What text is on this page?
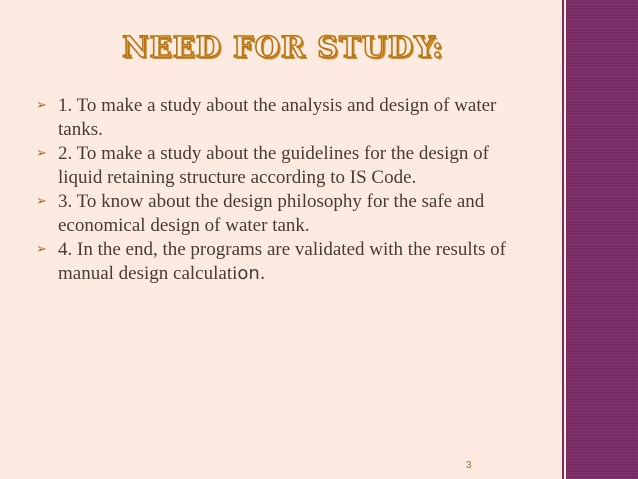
NEED FOR STUDY:
➢ 1. To make a study about the analysis and design of water tanks.
➢ 2. To make a study about the guidelines for the design of liquid retaining structure according to IS Code.
➢ 3. To know about the design philosophy for the safe and economical design of water tank.
➢ 4. In the end, the programs are validated with the results of manual design calculation.
3
